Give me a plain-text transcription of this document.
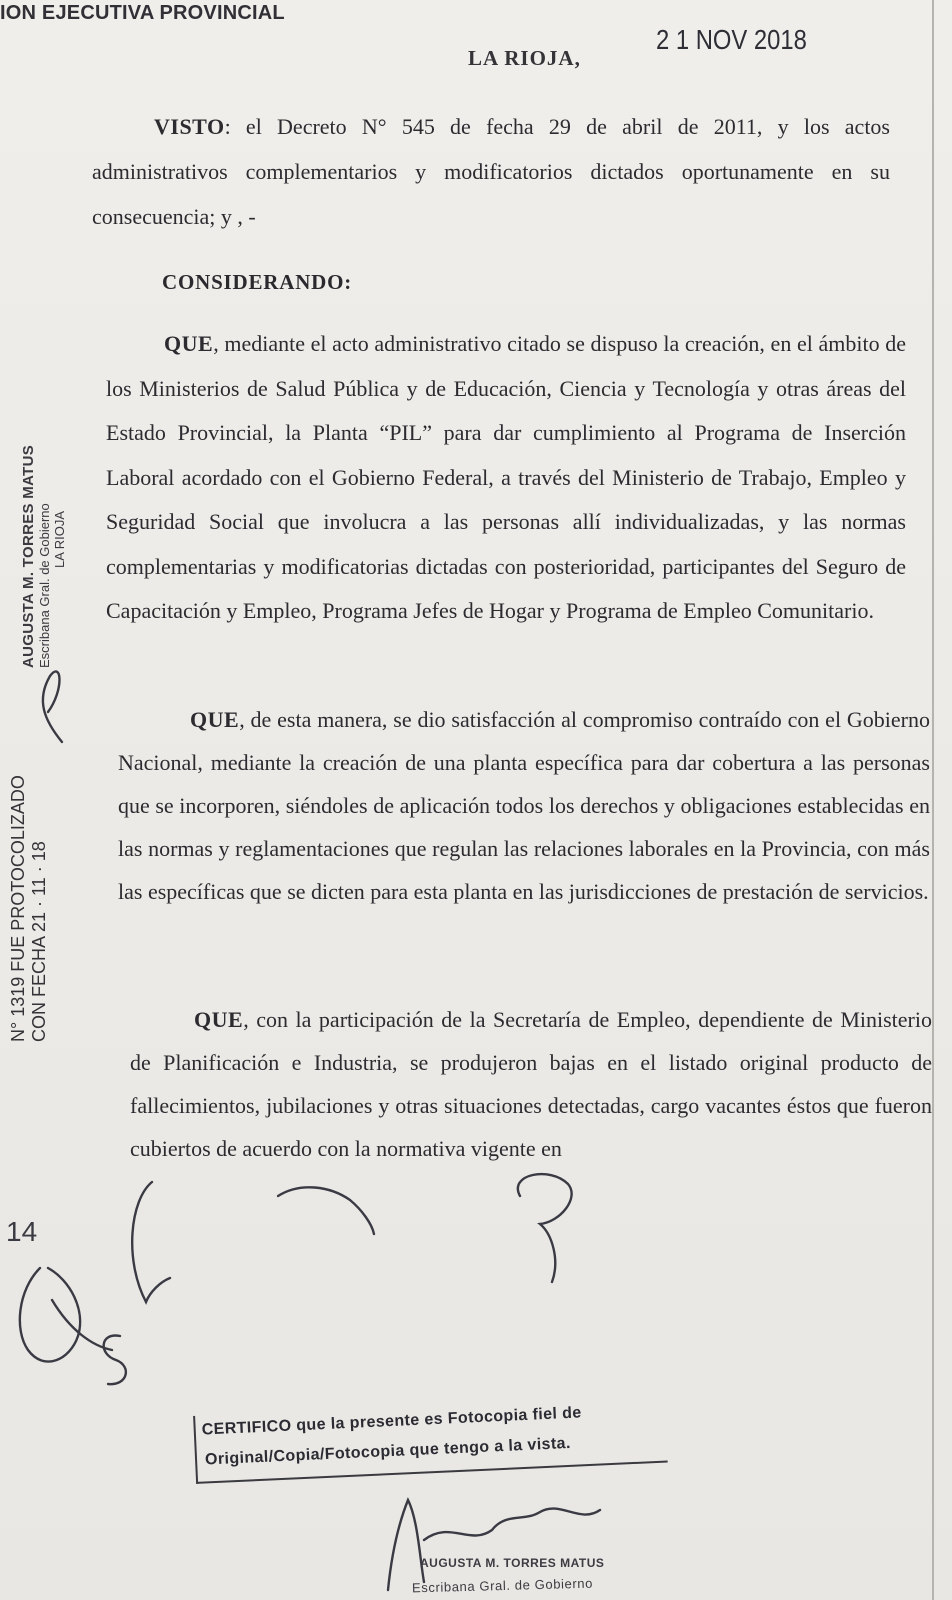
ION EJECUTIVA PROVINCIAL
LA RIOJA,
2 1 NOV 2018
VISTO: el Decreto N° 545 de fecha 29 de abril de 2011, y los actos administrativos complementarios y modificatorios dictados oportunamente en su consecuencia; y , -
CONSIDERANDO:
QUE, mediante el acto administrativo citado se dispuso la creación, en el ámbito de los Ministerios de Salud Pública y de Educación, Ciencia y Tecnología y otras áreas del Estado Provincial, la Planta “PIL” para dar cumplimiento al Programa de Inserción Laboral acordado con el Gobierno Federal, a través del Ministerio de Trabajo, Empleo y Seguridad Social que involucra a las personas allí individualizadas, y las normas complementarias y modificatorias dictadas con posterioridad, participantes del Seguro de Capacitación y Empleo, Programa Jefes de Hogar y Programa de Empleo Comunitario.
QUE, de esta manera, se dio satisfacción al compromiso contraído con el Gobierno Nacional, mediante la creación de una planta específica para dar cobertura a las personas que se incorporen, siéndoles de aplicación todos los derechos y obligaciones establecidas en las normas y reglamentaciones que regulan las relaciones laborales en la Provincia, con más las específicas que se dicten para esta planta en las jurisdicciones de prestación de servicios.
QUE, con la participación de la Secretaría de Empleo, dependiente de Ministerio de Planificación e Industria, se produjeron bajas en el listado original producto de fallecimientos, jubilaciones y otras situaciones detectadas, cargo vacantes éstos que fueron cubiertos de acuerdo con la normativa vigente en
AUGUSTA M. TORRES MATUS Escribana Gral. de Gobierno LA RIOJA
N° 1319 FUE PROTOCOLIZADO CON FECHA 21 · 11 · 18
14
CERTIFICO que la presente es Fotocopia fiel de
Original/Copia/Fotocopia que tengo a la vista.
AUGUSTA M. TORRES MATUS
Escribana Gral. de Gobierno
